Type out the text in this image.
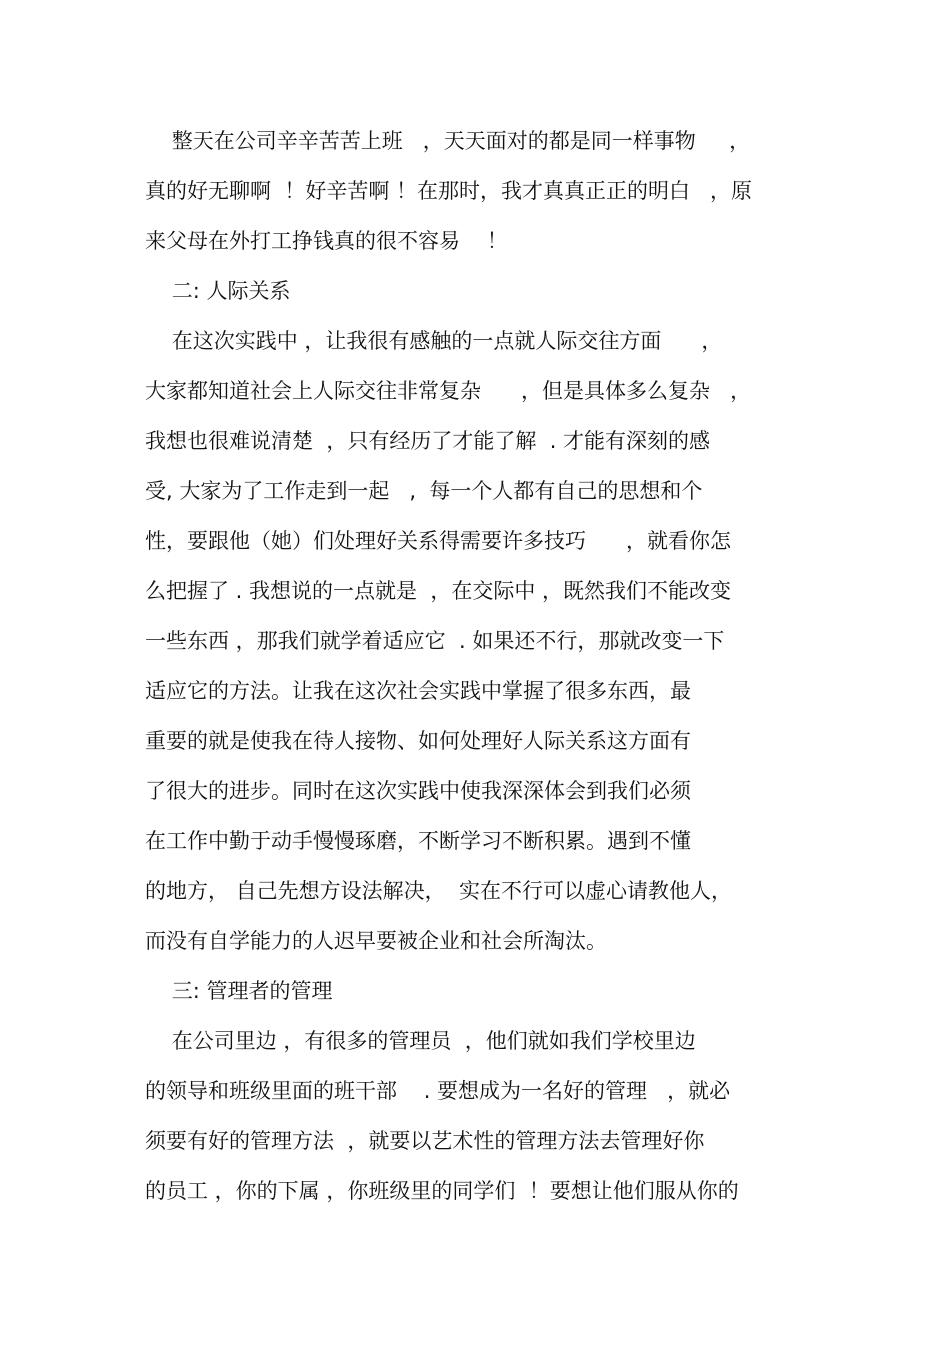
整天在公司辛辛苦苦上班   ，天天面对的都是同一样事物     ，

真的好无聊啊  ！好辛苦啊 ！在那时，我才真真正正的明白   ，原

来父母在外打工挣钱真的很不容易    ！

二: 人际关系

在这次实践中 ，让我很有感触的一点就人际交往方面      ，

大家都知道社会上人际交往非常复杂      ，但是具体多么复杂   ，

我想也很难说清楚  ，只有经历了才能了解  . 才能有深刻的感

受, 大家为了工作走到一起   ,  每一个人都有自己的思想和个

性，要跟他（她）们处理好关系得需要许多技巧      ，就看你怎

么把握了 . 我想说的一点就是  ，在交际中 ，既然我们不能改变

一些东西 ，那我们就学着适应它  . 如果还不行，那就改变一下

适应它的方法。让我在这次社会实践中掌握了很多东西，最

重要的就是使我在待人接物、如何处理好人际关系这方面有

了很大的进步。同时在这次实践中使我深深体会到我们必须

在工作中勤于动手慢慢琢磨，不断学习不断积累。遇到不懂

的地方， 自己先想方设法解决，  实在不行可以虚心请教他人，

而没有自学能力的人迟早要被企业和社会所淘汰。

三: 管理者的管理

在公司里边 ，有很多的管理员  ，他们就如我们学校里边

的领导和班级里面的班干部    . 要想成为一名好的管理   ，就必

须要有好的管理方法  ，就要以艺术性的管理方法去管理好你

的员工 ，你的下属 ，你班级里的同学们  ！要想让他们服从你的
